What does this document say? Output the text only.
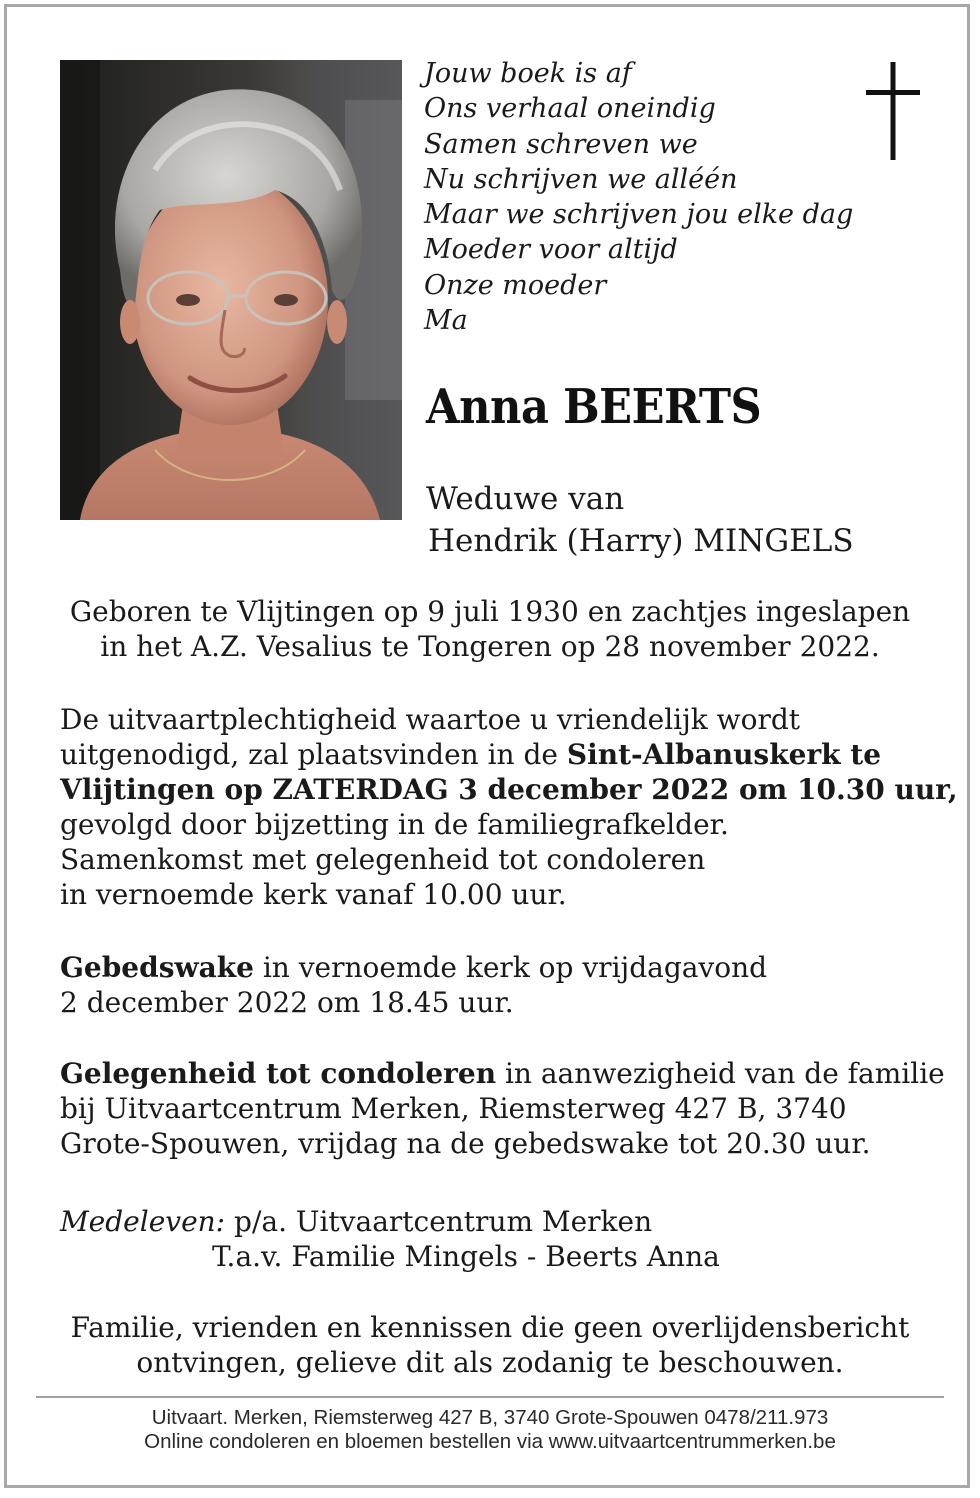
Jouw boek is af
Ons verhaal oneindig
Samen schreven we
Nu schrijven we alléén
Maar we schrijven jou elke dag
Moeder voor altijd
Onze moeder
Ma
Anna BEERTS
Weduwe van
Hendrik (Harry) MINGELS
Geboren te Vlijtingen op 9 juli 1930 en zachtjes ingeslapen
in het A.Z. Vesalius te Tongeren op 28 november 2022.
De uitvaartplechtigheid waartoe u vriendelijk wordt
uitgenodigd, zal plaatsvinden in de Sint-Albanuskerk te
Vlijtingen op ZATERDAG 3 december 2022 om 10.30 uur,
gevolgd door bijzetting in de familiegrafkelder.
Samenkomst met gelegenheid tot condoleren
in vernoemde kerk vanaf 10.00 uur.
Gebedswake in vernoemde kerk op vrijdagavond
2 december 2022 om 18.45 uur.
Gelegenheid tot condoleren in aanwezigheid van de familie
bij Uitvaartcentrum Merken, Riemsterweg 427 B, 3740
Grote-Spouwen, vrijdag na de gebedswake tot 20.30 uur.
Medeleven: p/a. Uitvaartcentrum Merken
T.a.v. Familie Mingels - Beerts Anna
Familie, vrienden en kennissen die geen overlijdensbericht
ontvingen, gelieve dit als zodanig te beschouwen.
Uitvaart. Merken, Riemsterweg 427 B, 3740 Grote-Spouwen 0478/211.973
Online condoleren en bloemen bestellen via www.uitvaartcentrummerken.be
